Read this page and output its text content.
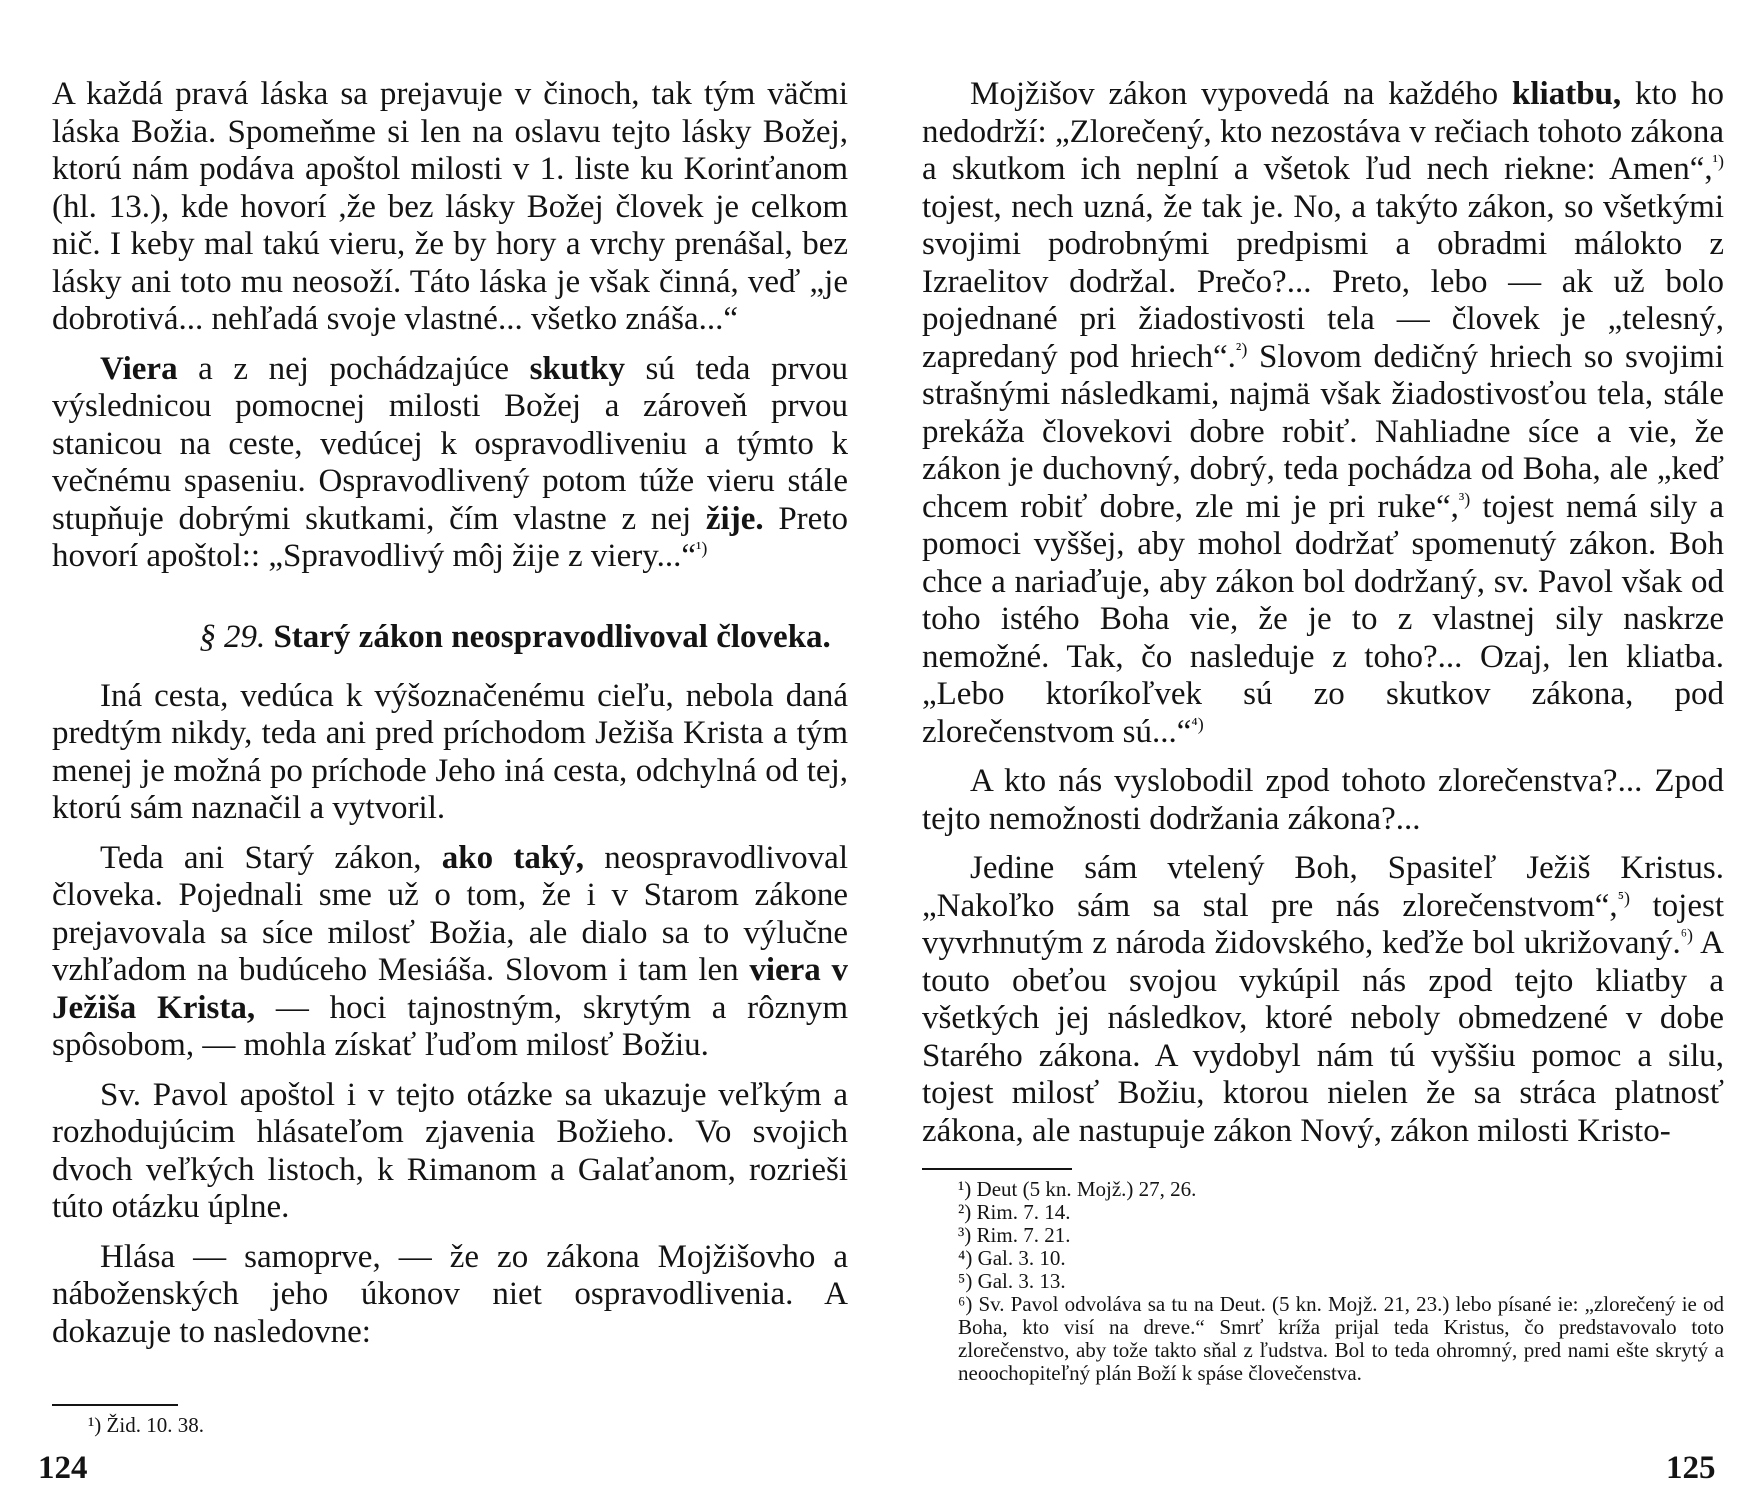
A každá pravá láska sa prejavuje v činoch, tak tým väčmi láska Božia. Spomeňme si len na oslavu tejto lásky Božej, ktorú nám podáva apoštol milosti v 1. liste ku Korinťanom (hl. 13.), kde hovorí ,že bez lásky Božej človek je celkom nič. I keby mal takú vieru, že by hory a vrchy prenášal, bez lásky ani toto mu neosoží. Táto láska je však činná, veď „je dobrotivá... nehľadá svoje vlastné... všetko znáša...“

Viera a z nej pochádzajúce skutky sú teda prvou výslednicou pomocnej milosti Božej a zároveň prvou stanicou na ceste, vedúcej k ospravodliveniu a týmto k večnému spaseniu. Ospravodlivený potom túže vieru stále stupňuje dobrými skutkami, čím vlastne z nej žije. Preto hovorí apoštol:: „Spravodlivý môj žije z viery...“$^{^1)}$

§ 29. Starý zákon neospravodlivoval človeka.

Iná cesta, vedúca k výšoznačenému cieľu, nebola daná predtým nikdy, teda ani pred príchodom Ježiša Krista a tým menej je možná po príchode Jeho iná cesta, odchylná od tej, ktorú sám naznačil a vytvoril.

Teda ani Starý zákon, ako taký, neospravodlivoval človeka. Pojednali sme už o tom, že i v Starom zákone prejavovala sa síce milosť Božia, ale dialo sa to výlučne vzhľadom na budúceho Mesiáša. Slovom i tam len viera v Ježiša Krista, — hoci tajnostným, skrytým a rôznym spôsobom, — mohla získať ľuďom milosť Božiu.

Sv. Pavol apoštol i v tejto otázke sa ukazuje veľkým a rozhodujúcim hlásateľom zjavenia Božieho. Vo svojich dvoch veľkých listoch, k Rimanom a Galaťanom, rozrieši túto otázku úplne.

Hlása — samoprve, — že zo zákona Mojžišovho a náboženských jeho úkonov niet ospravodlivenia. A dokazuje to nasledovne:

¹) Žid. 10. 38.
124

Mojžišov zákon vypovedá na každého kliatbu, kto ho nedodrží: „Zlorečený, kto nezostáva v rečiach tohoto zákona a skutkom ich neplní a všetok ľud nech riekne: Amen“,$^{^1)}$ tojest, nech uzná, že tak je. No, a takýto zákon, so všetkými svojimi podrobnými predpismi a obradmi málokto z Izraelitov dodržal. Prečo?... Preto, lebo — ak už bolo pojednané pri žiadostivosti tela — človek je „telesný, zapredaný pod hriech“.$^{^2)}$ Slovom dedičný hriech so svojimi strašnými následkami, najmä však žiadostivosťou tela, stále prekáža človekovi dobre robiť. Nahliadne síce a vie, že zákon je duchovný, dobrý, teda pochádza od Boha, ale „keď chcem robiť dobre, zle mi je pri ruke“,$^{^3)}$ tojest nemá sily a pomoci vyššej, aby mohol dodržať spomenutý zákon. Boh chce a nariaďuje, aby zákon bol dodržaný, sv. Pavol však od toho istého Boha vie, že je to z vlastnej sily naskrze nemožné. Tak, čo nasleduje z toho?... Ozaj, len kliatba. „Lebo ktoríkoľvek sú zo skutkov zákona, pod zlorečenstvom sú...“$^{^4)}$

A kto nás vyslobodil zpod tohoto zlorečenstva?... Zpod tejto nemožnosti dodržania zákona?...

Jedine sám vtelený Boh, Spasiteľ Ježiš Kristus. „Nakoľko sám sa stal pre nás zlorečenstvom“,$^{^5)}$ tojest vyvrhnutým z národa židovského, keďže bol ukrižovaný.$^{^6)}$ A touto obeťou svojou vykúpil nás zpod tejto kliatby a všetkých jej následkov, ktoré neboly obmedzené v dobe Starého zákona. A vydobyl nám tú vyššiu pomoc a silu, tojest milosť Božiu, ktorou nielen že sa stráca platnosť zákona, ale nastupuje zákon Nový, zákon milosti Kristo-

¹) Deut (5 kn. Mojž.) 27, 26.
²) Rim. 7. 14.
³) Rim. 7. 21.
⁴) Gal. 3. 10.
⁵) Gal. 3. 13.
⁶) Sv. Pavol odvoláva sa tu na Deut. (5 kn. Mojž. 21, 23.) lebo písané ie: „zlorečený ie od Boha, kto visí na dreve.“ Smrť kríža prijal teda Kristus, čo predstavovalo toto zlorečenstvo, aby tože takto sňal z ľudstva. Bol to teda ohromný, pred nami ešte skrytý a neoochopiteľný plán Boží k spáse človečenstva.
125
